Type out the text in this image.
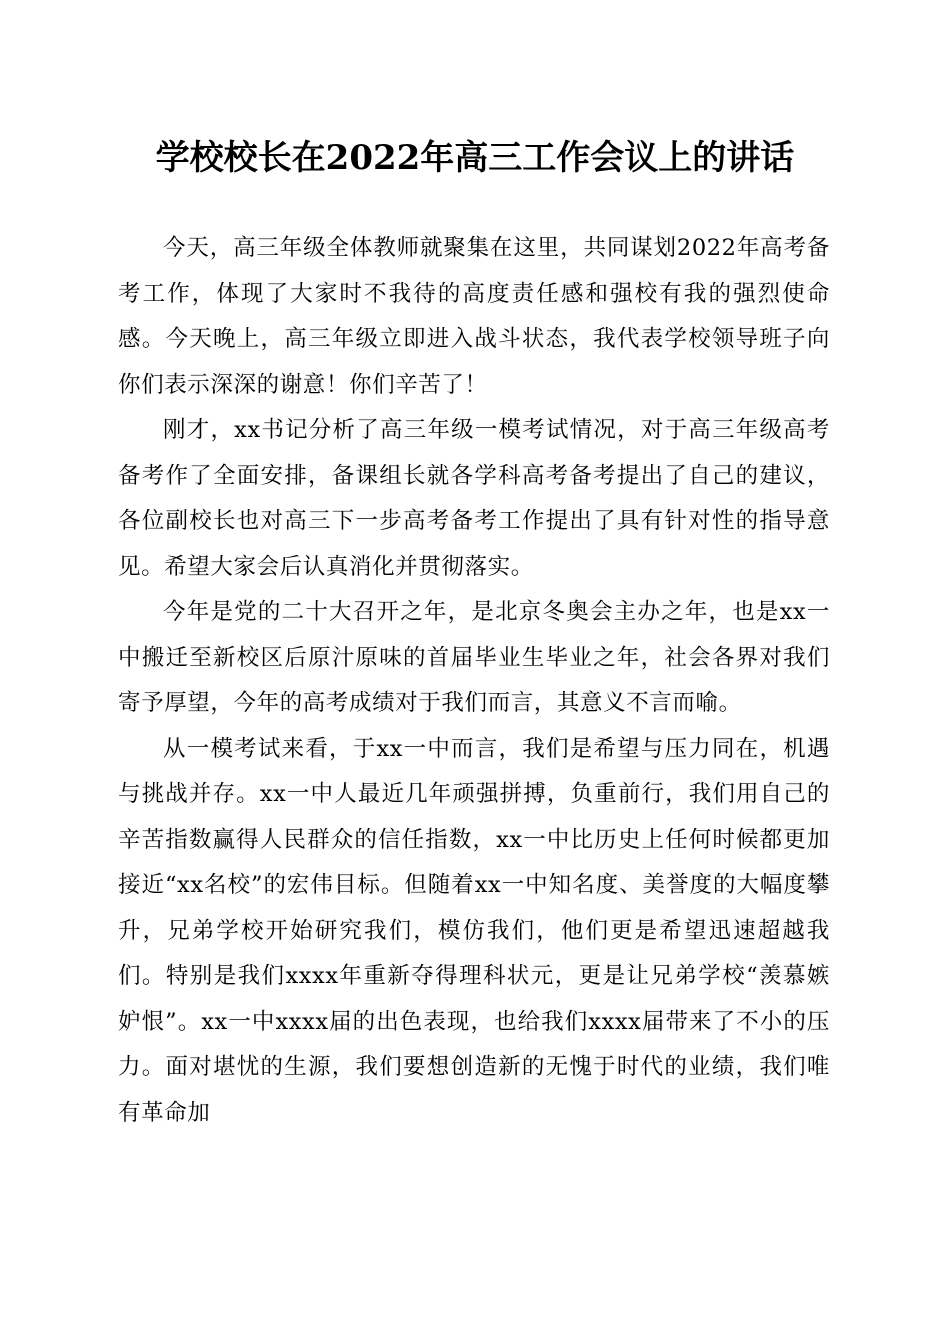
学校校长在2022年高三工作会议上的讲话

今天，高三年级全体教师就聚集在这里，共同谋划2022年高考备考工作，体现了大家时不我待的高度责任感和强校有我的强烈使命感。今天晚上，高三年级立即进入战斗状态，我代表学校领导班子向你们表示深深的谢意！你们辛苦了！

刚才，xx书记分析了高三年级一模考试情况，对于高三年级高考备考作了全面安排，备课组长就各学科高考备考提出了自己的建议，各位副校长也对高三下一步高考备考工作提出了具有针对性的指导意见。希望大家会后认真消化并贯彻落实。

今年是党的二十大召开之年，是北京冬奥会主办之年，也是xx一中搬迁至新校区后原汁原味的首届毕业生毕业之年，社会各界对我们寄予厚望，今年的高考成绩对于我们而言，其意义不言而喻。

从一模考试来看，于xx一中而言，我们是希望与压力同在，机遇与挑战并存。xx一中人最近几年顽强拼搏，负重前行，我们用自己的辛苦指数赢得人民群众的信任指数，xx一中比历史上任何时候都更加接近“xx名校”的宏伟目标。但随着xx一中知名度、美誉度的大幅度攀升，兄弟学校开始研究我们，模仿我们，他们更是希望迅速超越我们。特别是我们xxxx年重新夺得理科状元，更是让兄弟学校“羡慕嫉妒恨”。xx一中xxxx届的出色表现，也给我们xxxx届带来了不小的压力。面对堪忧的生源，我们要想创造新的无愧于时代的业绩，我们唯有革命加
